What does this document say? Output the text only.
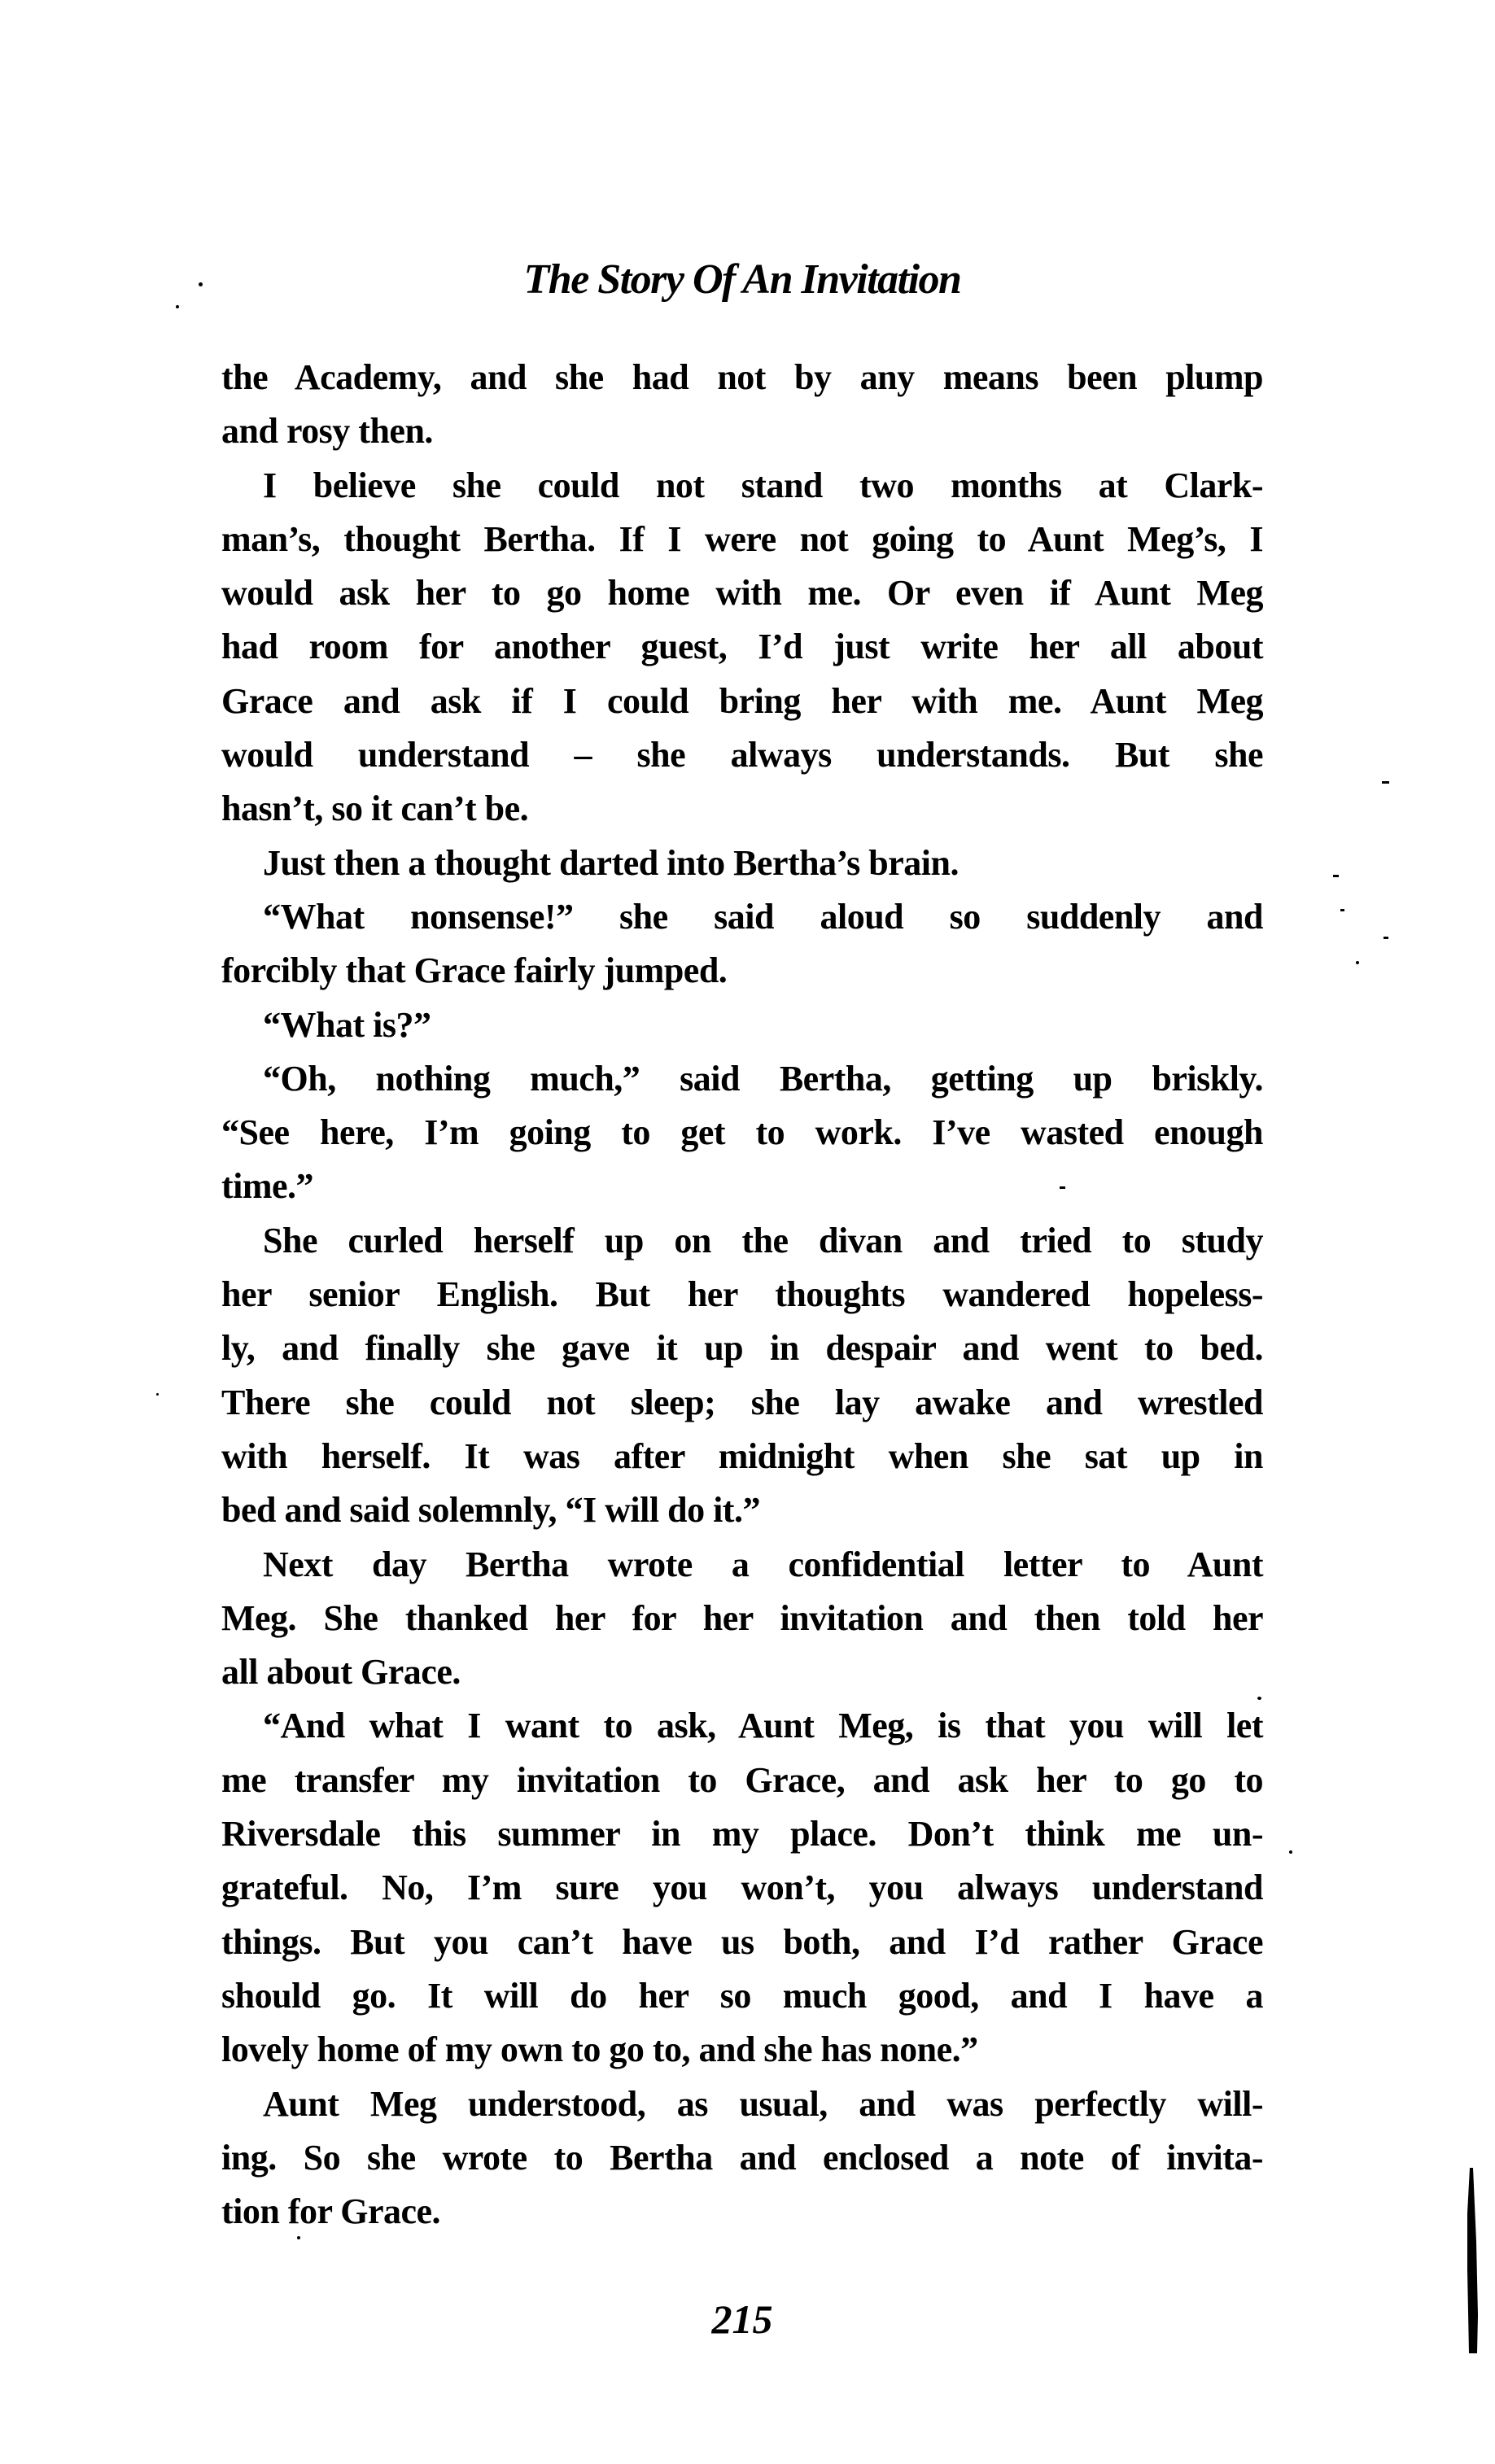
The Story Of An Invitation
the Academy, and she had not by any means been plump
and rosy then.
I believe she could not stand two months at Clark-
man’s, thought Bertha. If I were not going to Aunt Meg’s, I
would ask her to go home with me. Or even if Aunt Meg
had room for another guest, I’d just write her all about
Grace and ask if I could bring her with me. Aunt Meg
would understand – she always understands. But she
hasn’t, so it can’t be.
Just then a thought darted into Bertha’s brain.
“What nonsense!” she said aloud so suddenly and
forcibly that Grace fairly jumped.
“What is?”
“Oh, nothing much,” said Bertha, getting up briskly.
“See here, I’m going to get to work. I’ve wasted enough
time.”
She curled herself up on the divan and tried to study
her senior English. But her thoughts wandered hopeless-
ly, and finally she gave it up in despair and went to bed.
There she could not sleep; she lay awake and wrestled
with herself. It was after midnight when she sat up in
bed and said solemnly, “I will do it.”
Next day Bertha wrote a confidential letter to Aunt
Meg. She thanked her for her invitation and then told her
all about Grace.
“And what I want to ask, Aunt Meg, is that you will let
me transfer my invitation to Grace, and ask her to go to
Riversdale this summer in my place. Don’t think me un-
grateful. No, I’m sure you won’t, you always understand
things. But you can’t have us both, and I’d rather Grace
should go. It will do her so much good, and I have a
lovely home of my own to go to, and she has none.”
Aunt Meg understood, as usual, and was perfectly will-
ing. So she wrote to Bertha and enclosed a note of invita-
tion for Grace.
215
